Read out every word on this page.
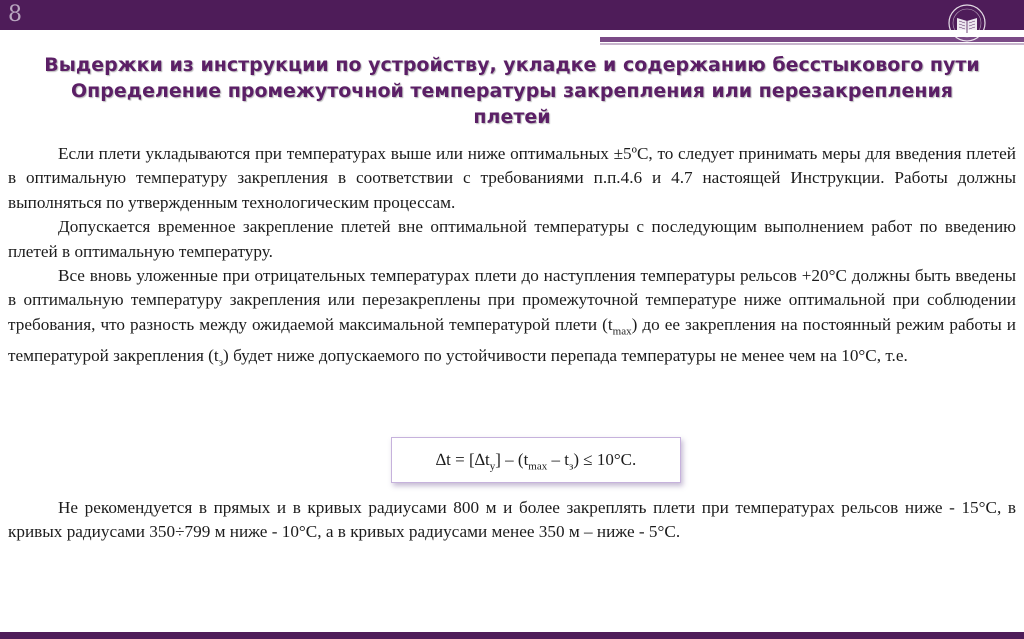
8
Выдержки из инструкции по устройству, укладке и содержанию бесстыкового пути
Определение промежуточной температуры закрепления или перезакрепления
плетей

Если плети укладываются при температурах выше или ниже оптимальных ±5ºС, то следует принимать меры для введения плетей в оптимальную температуру закрепления в соответствии с требованиями п.п.4.6 и 4.7 настоящей Инструкции. Работы должны выполняться по утвержденным технологическим процессам.

Допускается временное закрепление плетей вне оптимальной температуры с последующим выполнением работ по введению плетей в оптимальную температуру.

Все вновь уложенные при отрицательных температурах плети до наступления температуры рельсов +20°С должны быть введены в оптимальную температуру закрепления или перезакреплены при промежуточной температуре ниже оптимальной при соблюдении требования, что разность между ожидаемой максимальной температурой плети $(t_{max})$ до ее закрепления на постоянный режим работы и температурой закрепления $(t_з)$ будет ниже допускаемого по устойчивости перепада температуры не менее чем на 10°С, т.е.

$\Delta t = [\Delta t_у] - (t_{max} - t_з) \le 10^\circ С$.

Не рекомендуется в прямых и в кривых радиусами 800 м и более закреплять плети при температурах рельсов ниже - 15°С, в кривых радиусами 350÷799 м ниже - 10°С, а в кривых радиусами менее 350 м – ниже - 5°С.
